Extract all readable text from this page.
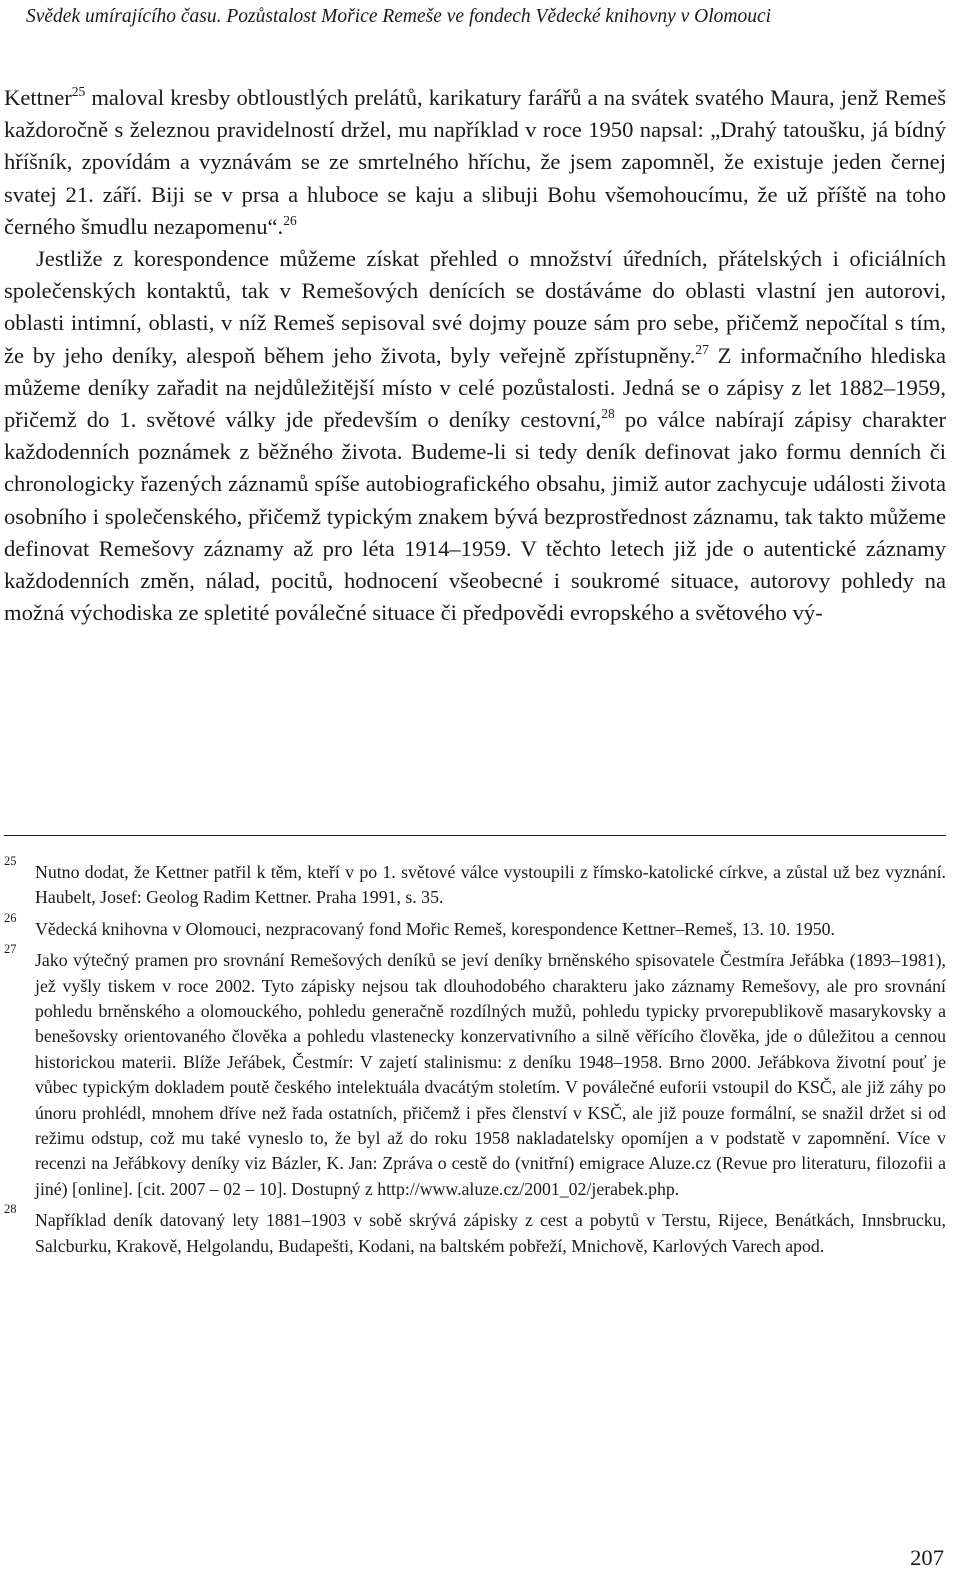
Svědek umírajícího času. Pozůstalost Mořice Remeše ve fondech Vědecké knihovny v Olomouci

Kettner$^{25}$ maloval kresby obtloustlých prelátů, karikatury farářů a na svátek svatého Maura, jenž Remeš každoročně s železnou pravidelností držel, mu například v roce 1950 napsal: „Drahý tatoušku, já bídný hříšník, zpovídám a vyznávám se ze smrtelného hříchu, že jsem zapomněl, že existuje jeden černej svatej 21. září. Biji se v prsa a hluboce se kaju a slibuji Bohu všemohoucímu, že už příště na toho černého šmudlu nezapomenu“.$^{26}$

Jestliže z korespondence můžeme získat přehled o množství úředních, přátelských i oficiálních společenských kontaktů, tak v Remešových denících se dostáváme do oblasti vlastní jen autorovi, oblasti intimní, oblasti, v níž Remeš sepisoval své dojmy pouze sám pro sebe, přičemž nepočítal s tím, že by jeho deníky, alespoň během jeho života, byly veřejně zpřístupněny.$^{27}$ Z informačního hlediska můžeme deníky zařadit na nejdůležitější místo v celé pozůstalosti. Jedná se o zápisy z let 1882–1959, přičemž do 1. světové války jde především o deníky cestovní,$^{28}$ po válce nabírají zápisy charakter každodenních poznámek z běžného života. Budeme-li si tedy deník definovat jako formu denních či chronologicky řazených záznamů spíše autobiografického obsahu, jimiž autor zachycuje události života osobního i společenského, přičemž typickým znakem bývá bezprostřednost záznamu, tak takto můžeme definovat Remešovy záznamy až pro léta 1914–1959. V těchto letech již jde o autentické záznamy každodenních změn, nálad, pocitů, hodnocení všeobecné i soukromé situace, autorovy pohledy na možná východiska ze spletité poválečné situace či předpovědi evropského a světového vý-

25
Nutno dodat, že Kettner patřil k těm, kteří v po 1. světové válce vystoupili z římsko-katolické církve, a zůstal už bez vyznání. Haubelt, Josef: Geolog Radim Kettner. Praha 1991, s. 35.
26
Vědecká knihovna v Olomouci, nezpracovaný fond Mořic Remeš, korespondence Kettner–Remeš, 13. 10. 1950.
27
Jako výtečný pramen pro srovnání Remešových deníků se jeví deníky brněnského spisovatele Čestmíra Jeřábka (1893–1981), jež vyšly tiskem v roce 2002. Tyto zápisky nejsou tak dlouhodobého charakteru jako záznamy Remešovy, ale pro srovnání pohledu brněnského a olomouckého, pohledu generačně rozdílných mužů, pohledu typicky prvorepublikově masarykovsky a benešovsky orientovaného člověka a pohledu vlastenecky konzervativního a silně věřícího člověka, jde o důležitou a cennou historickou materii. Blíže Jeřábek, Čestmír: V zajetí stalinismu: z deníku 1948–1958. Brno 2000. Jeřábkova životní pouť je vůbec typickým dokladem poutě českého intelektuála dvacátým stoletím. V poválečné euforii vstoupil do KSČ, ale již záhy po únoru prohlédl, mnohem dříve než řada ostatních, přičemž i přes členství v KSČ, ale již pouze formální, se snažil držet si od režimu odstup, což mu také vyneslo to, že byl až do roku 1958 nakladatelsky opomíjen a v podstatě v zapomnění. Více v recenzi na Jeřábkovy deníky viz Bázler, K. Jan: Zpráva o cestě do (vnitřní) emigrace Aluze.cz (Revue pro literaturu, filozofii a jiné) [online]. [cit. 2007 – 02 – 10]. Dostupný z http://www.aluze.cz/2001_02/jerabek.php.
28
Například deník datovaný lety 1881–1903 v sobě skrývá zápisky z cest a pobytů v Terstu, Rijece, Benátkách, Innsbrucku, Salcburku, Krakově, Helgolandu, Budapešti, Kodani, na baltském pobřeží, Mnichově, Karlových Varech apod.
207
